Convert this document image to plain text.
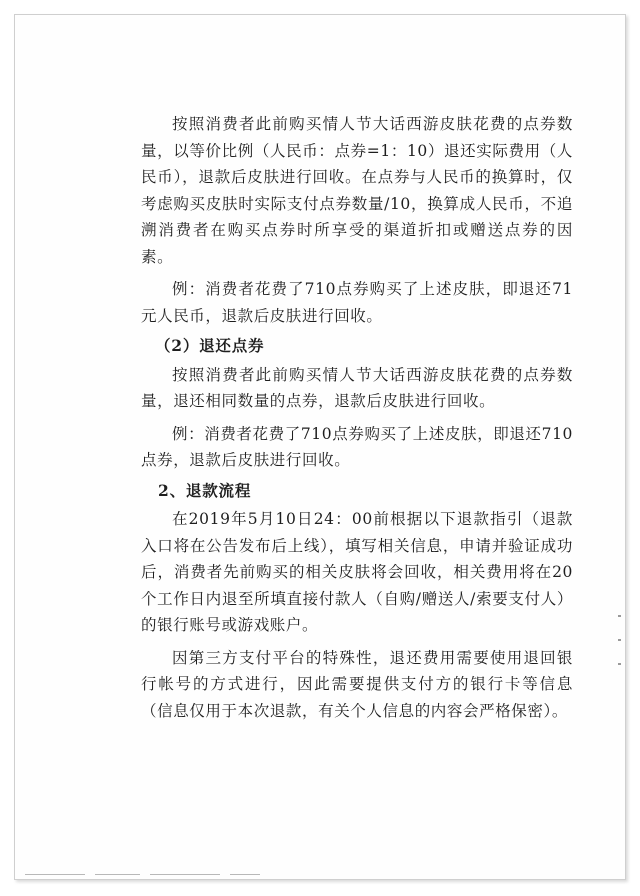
按照消费者此前购买情人节大话西游皮肤花费的点券数量，以等价比例（人民币：点券=1：10）退还实际费用（人民币），退款后皮肤进行回收。在点券与人民币的换算时，仅考虑购买皮肤时实际支付点券数量/10，换算成人民币，不追溯消费者在购买点券时所享受的渠道折扣或赠送点券的因素。

例：消费者花费了710点券购买了上述皮肤，即退还71元人民币，退款后皮肤进行回收。

（2）退还点券

按照消费者此前购买情人节大话西游皮肤花费的点券数量，退还相同数量的点券，退款后皮肤进行回收。

例：消费者花费了710点券购买了上述皮肤，即退还710点券，退款后皮肤进行回收。

2、退款流程

在2019年5月10日24：00前根据以下退款指引（退款入口将在公告发布后上线），填写相关信息，申请并验证成功后，消费者先前购买的相关皮肤将会回收，相关费用将在20个工作日内退至所填直接付款人（自购/赠送人/索要支付人）的银行账号或游戏账户。

因第三方支付平台的特殊性，退还费用需要使用退回银行帐号的方式进行，因此需要提供支付方的银行卡等信息（信息仅用于本次退款，有关个人信息的内容会严格保密）。
